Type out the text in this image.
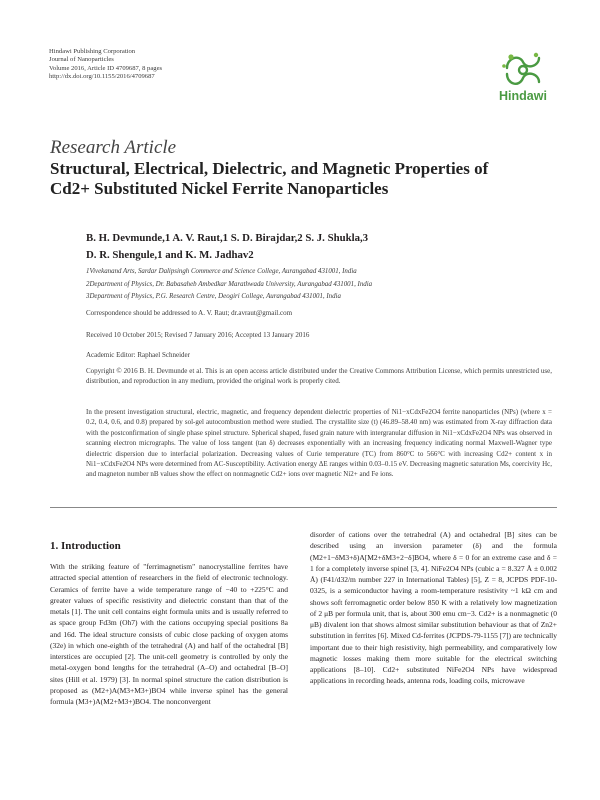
Hindawi Publishing Corporation
Journal of Nanoparticles
Volume 2016, Article ID 4709687, 8 pages
http://dx.doi.org/10.1155/2016/4709687
Hindawi
Research Article
Structural, Electrical, Dielectric, and Magnetic Properties of
Cd2+ Substituted Nickel Ferrite Nanoparticles
B. H. Devmunde,1 A. V. Raut,1 S. D. Birajdar,2 S. J. Shukla,3
D. R. Shengule,1 and K. M. Jadhav2
1Vivekanand Arts, Sardar Dalipsingh Commerce and Science College, Aurangabad 431001, India
2Department of Physics, Dr. Babasaheb Ambedkar Marathwada University, Aurangabad 431001, India
3Department of Physics, P.G. Research Centre, Deogiri College, Aurangabad 431001, India
Correspondence should be addressed to A. V. Raut; dr.avraut@gmail.com
Received 10 October 2015; Revised 7 January 2016; Accepted 13 January 2016
Academic Editor: Raphael Schneider
Copyright © 2016 B. H. Devmunde et al. This is an open access article distributed under the Creative Commons Attribution License, which permits unrestricted use, distribution, and reproduction in any medium, provided the original work is properly cited.
In the present investigation structural, electric, magnetic, and frequency dependent dielectric properties of Ni1−xCdxFe2O4 ferrite nanoparticles (NPs) (where x = 0.2, 0.4, 0.6, and 0.8) prepared by sol-gel autocombustion method were studied. The crystallite size (t) (46.89–58.40 nm) was estimated from X-ray diffraction data with the postconfirmation of single phase spinel structure. Spherical shaped, fused grain nature with intergranular diffusion in Ni1−xCdxFe2O4 NPs was observed in scanning electron micrographs. The value of loss tangent (tan δ) decreases exponentially with an increasing frequency indicating normal Maxwell-Wagner type dielectric dispersion due to interfacial polarization. Decreasing values of Curie temperature (TC) from 860°C to 566°C with increasing Cd2+ content x in Ni1−xCdxFe2O4 NPs were determined from AC-Susceptibility. Activation energy ΔE ranges within 0.03–0.15 eV. Decreasing magnetic saturation Ms, coercivity Hc, and magneton number nB values show the effect on nonmagnetic Cd2+ ions over magnetic Ni2+ and Fe ions.
1. Introduction
With the striking feature of "ferrimagnetism" nanocrystalline ferrites have attracted special attention of researchers in the field of electronic technology. Ceramics of ferrite have a wide temperature range of −40 to +225°C and greater values of specific resistivity and dielectric constant than that of the metals [1]. The unit cell contains eight formula units and is usually referred to as space group Fd3m (Oh7) with the cations occupying special positions 8a and 16d. The ideal structure consists of cubic close packing of oxygen atoms (32e) in which one-eighth of the tetrahedral (A) and half of the octahedral [B] interstices are occupied [2]. The unit-cell geometry is controlled by only the metal-oxygen bond lengths for the tetrahedral (A–O) and octahedral [B–O] sites (Hill et al. 1979) [3]. In normal spinel structure the cation distribution is proposed as (M2+)A(M3+M3+)BO4 while inverse spinel has the general formula (M3+)A(M2+M3+)BO4. The nonconvergent
disorder of cations over the tetrahedral (A) and octahedral [B] sites can be described using an inversion parameter (δ) and the formula (M2+1−δM3+δ)A[M2+δM3+2−δ]BO4, where δ = 0 for an extreme case and δ = 1 for a completely inverse spinel [3, 4]. NiFe2O4 NPs (cubic a = 8.327 Å ± 0.002 Å) (F41/d32/m number 227 in International Tables) [5], Z = 8, JCPDS PDF-10-0325, is a semiconductor having a room-temperature resistivity ~1 kΩ cm and shows soft ferromagnetic order below 850 K with a relatively low magnetization of 2 μB per formula unit, that is, about 300 emu cm−3. Cd2+ is a nonmagnetic (0 μB) divalent ion that shows almost similar substitution behaviour as that of Zn2+ substitution in ferrites [6]. Mixed Cd-ferrites (JCPDS-79-1155 [7]) are technically important due to their high resistivity, high permeability, and comparatively low magnetic losses making them more suitable for the electrical switching applications [8–10]. Cd2+ substituted NiFe2O4 NPs have widespread applications in recording heads, antenna rods, loading coils, microwave
